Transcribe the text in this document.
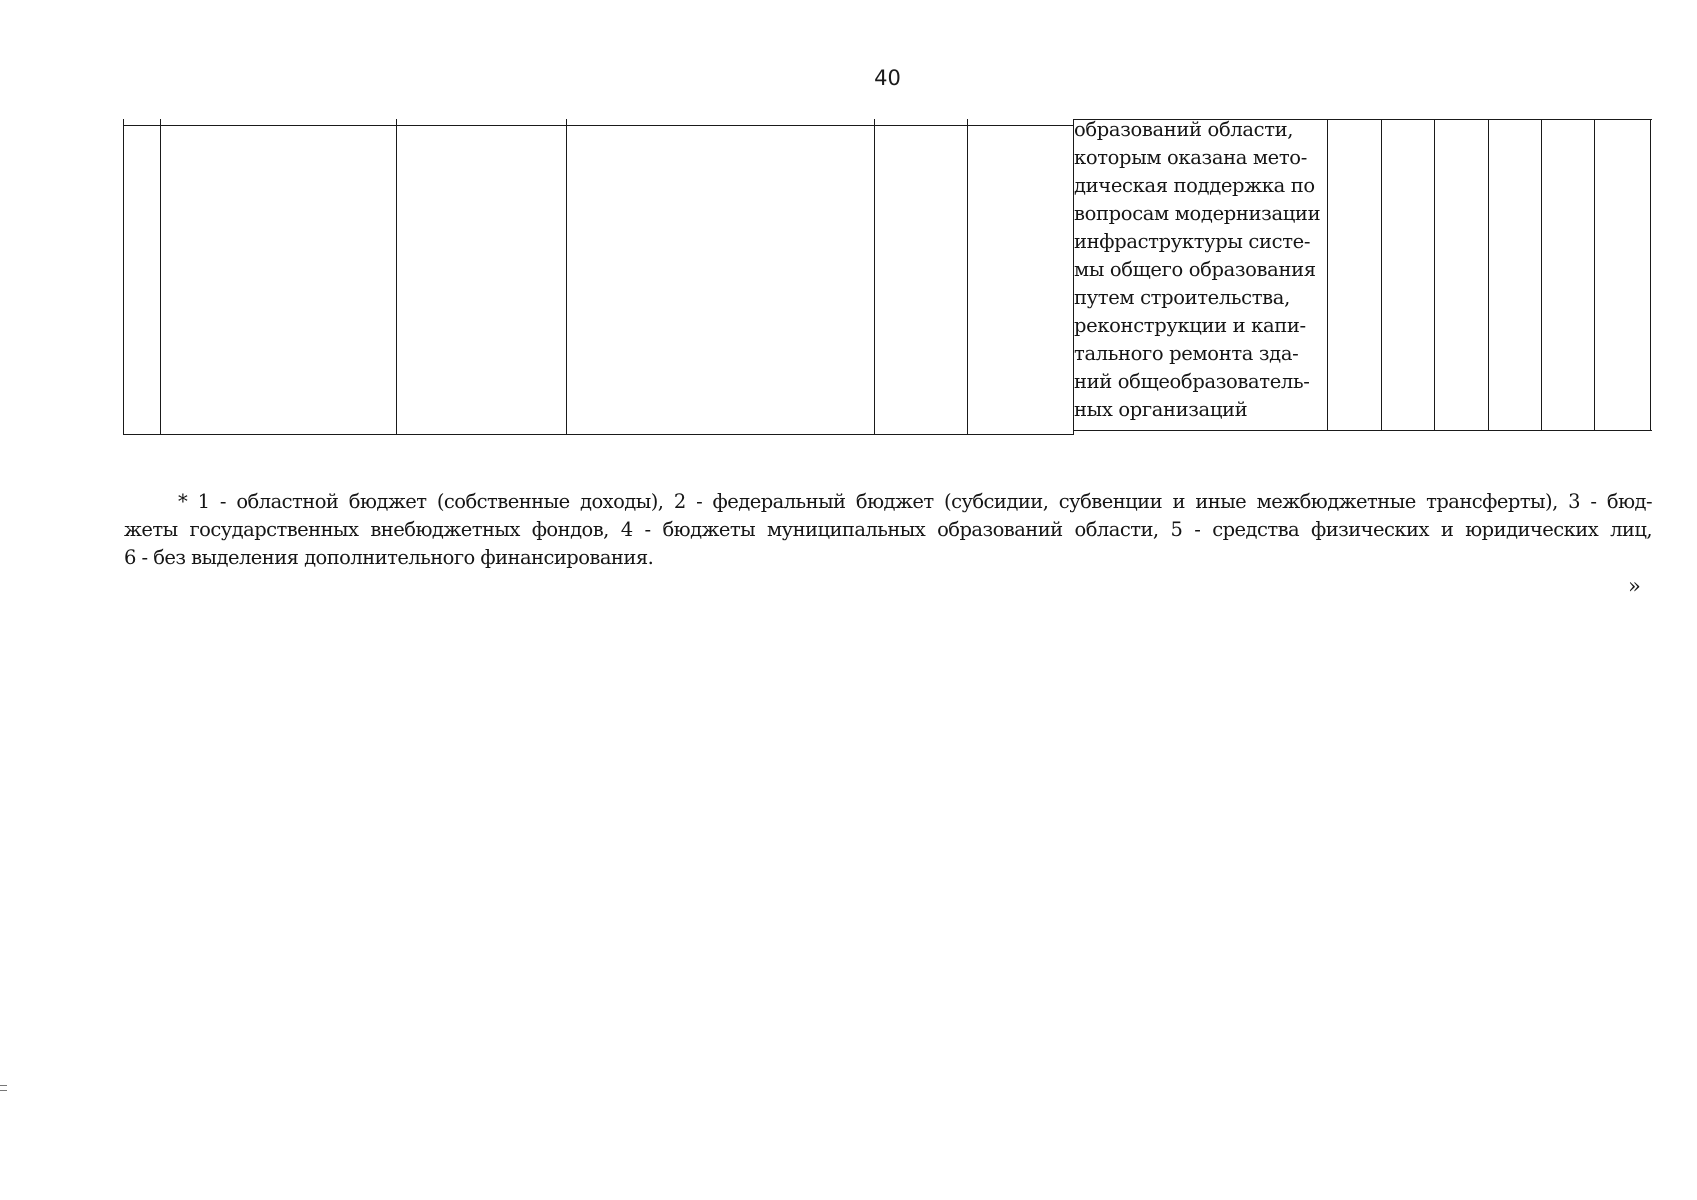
40
образований области,
которым оказана мето-
дическая поддержка по
вопросам модернизации
инфраструктуры систе-
мы общего образования
путем строительства,
реконструкции и капи-
тального ремонта зда-
ний общеобразователь-
ных организаций
* 1 - областной бюджет (собственные доходы), 2 - федеральный бюджет (субсидии, субвенции и иные межбюджетные трансферты), 3 - бюд-
жеты государственных внебюджетных фондов, 4 - бюджеты муниципальных образований области, 5 - средства физических и юридических лиц,
6 - без выделения дополнительного финансирования.
»
